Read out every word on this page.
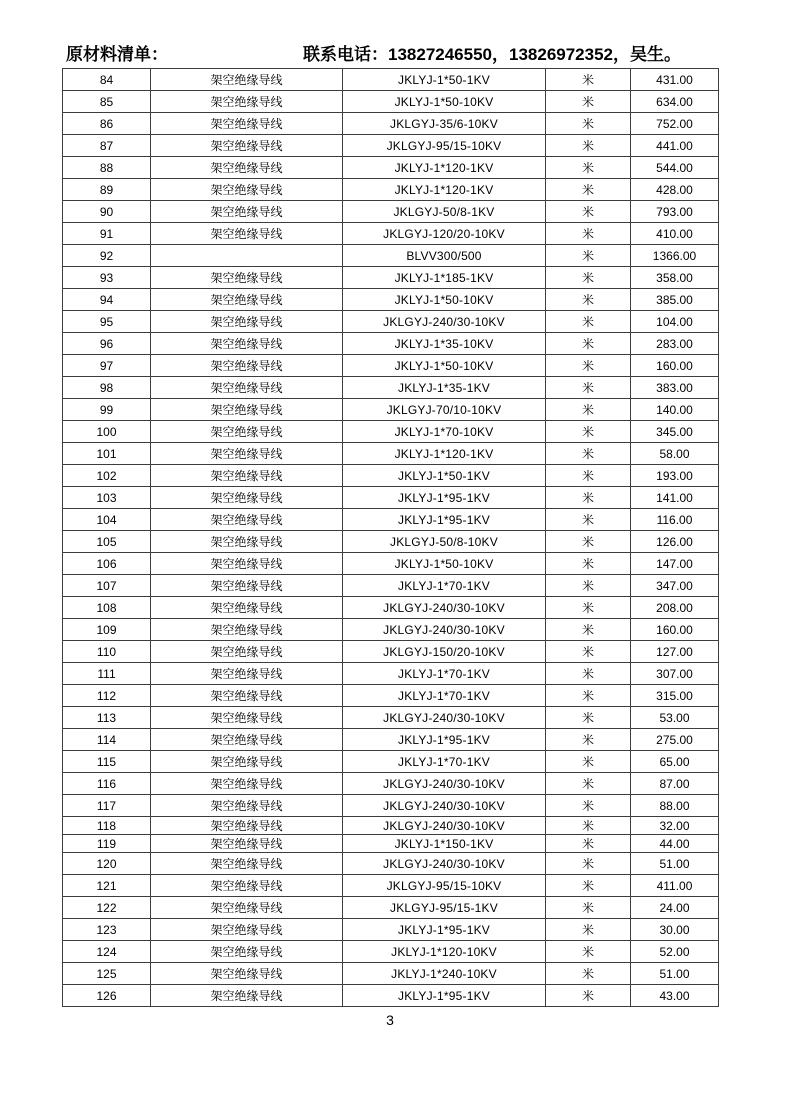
原材料清单：	联系电话：13827246550，13826972352，吴生。
84	架空绝缘导线	JKLYJ-1*50-1KV	米	431.00
85	架空绝缘导线	JKLYJ-1*50-10KV	米	634.00
86	架空绝缘导线	JKLGYJ-35/6-10KV	米	752.00
87	架空绝缘导线	JKLGYJ-95/15-10KV	米	441.00
88	架空绝缘导线	JKLYJ-1*120-1KV	米	544.00
89	架空绝缘导线	JKLYJ-1*120-1KV	米	428.00
90	架空绝缘导线	JKLGYJ-50/8-1KV	米	793.00
91	架空绝缘导线	JKLGYJ-120/20-10KV	米	410.00
92		BLVV300/500	米	1366.00
93	架空绝缘导线	JKLYJ-1*185-1KV	米	358.00
94	架空绝缘导线	JKLYJ-1*50-10KV	米	385.00
95	架空绝缘导线	JKLGYJ-240/30-10KV	米	104.00
96	架空绝缘导线	JKLYJ-1*35-10KV	米	283.00
97	架空绝缘导线	JKLYJ-1*50-10KV	米	160.00
98	架空绝缘导线	JKLYJ-1*35-1KV	米	383.00
99	架空绝缘导线	JKLGYJ-70/10-10KV	米	140.00
100	架空绝缘导线	JKLYJ-1*70-10KV	米	345.00
101	架空绝缘导线	JKLYJ-1*120-1KV	米	58.00
102	架空绝缘导线	JKLYJ-1*50-1KV	米	193.00
103	架空绝缘导线	JKLYJ-1*95-1KV	米	141.00
104	架空绝缘导线	JKLYJ-1*95-1KV	米	116.00
105	架空绝缘导线	JKLGYJ-50/8-10KV	米	126.00
106	架空绝缘导线	JKLYJ-1*50-10KV	米	147.00
107	架空绝缘导线	JKLYJ-1*70-1KV	米	347.00
108	架空绝缘导线	JKLGYJ-240/30-10KV	米	208.00
109	架空绝缘导线	JKLGYJ-240/30-10KV	米	160.00
110	架空绝缘导线	JKLGYJ-150/20-10KV	米	127.00
111	架空绝缘导线	JKLYJ-1*70-1KV	米	307.00
112	架空绝缘导线	JKLYJ-1*70-1KV	米	315.00
113	架空绝缘导线	JKLGYJ-240/30-10KV	米	53.00
114	架空绝缘导线	JKLYJ-1*95-1KV	米	275.00
115	架空绝缘导线	JKLYJ-1*70-1KV	米	65.00
116	架空绝缘导线	JKLGYJ-240/30-10KV	米	87.00
117	架空绝缘导线	JKLGYJ-240/30-10KV	米	88.00
118	架空绝缘导线	JKLGYJ-240/30-10KV	米	32.00
119	架空绝缘导线	JKLYJ-1*150-1KV	米	44.00
120	架空绝缘导线	JKLGYJ-240/30-10KV	米	51.00
121	架空绝缘导线	JKLGYJ-95/15-10KV	米	411.00
122	架空绝缘导线	JKLGYJ-95/15-1KV	米	24.00
123	架空绝缘导线	JKLYJ-1*95-1KV	米	30.00
124	架空绝缘导线	JKLYJ-1*120-10KV	米	52.00
125	架空绝缘导线	JKLYJ-1*240-10KV	米	51.00
126	架空绝缘导线	JKLYJ-1*95-1KV	米	43.00
3
